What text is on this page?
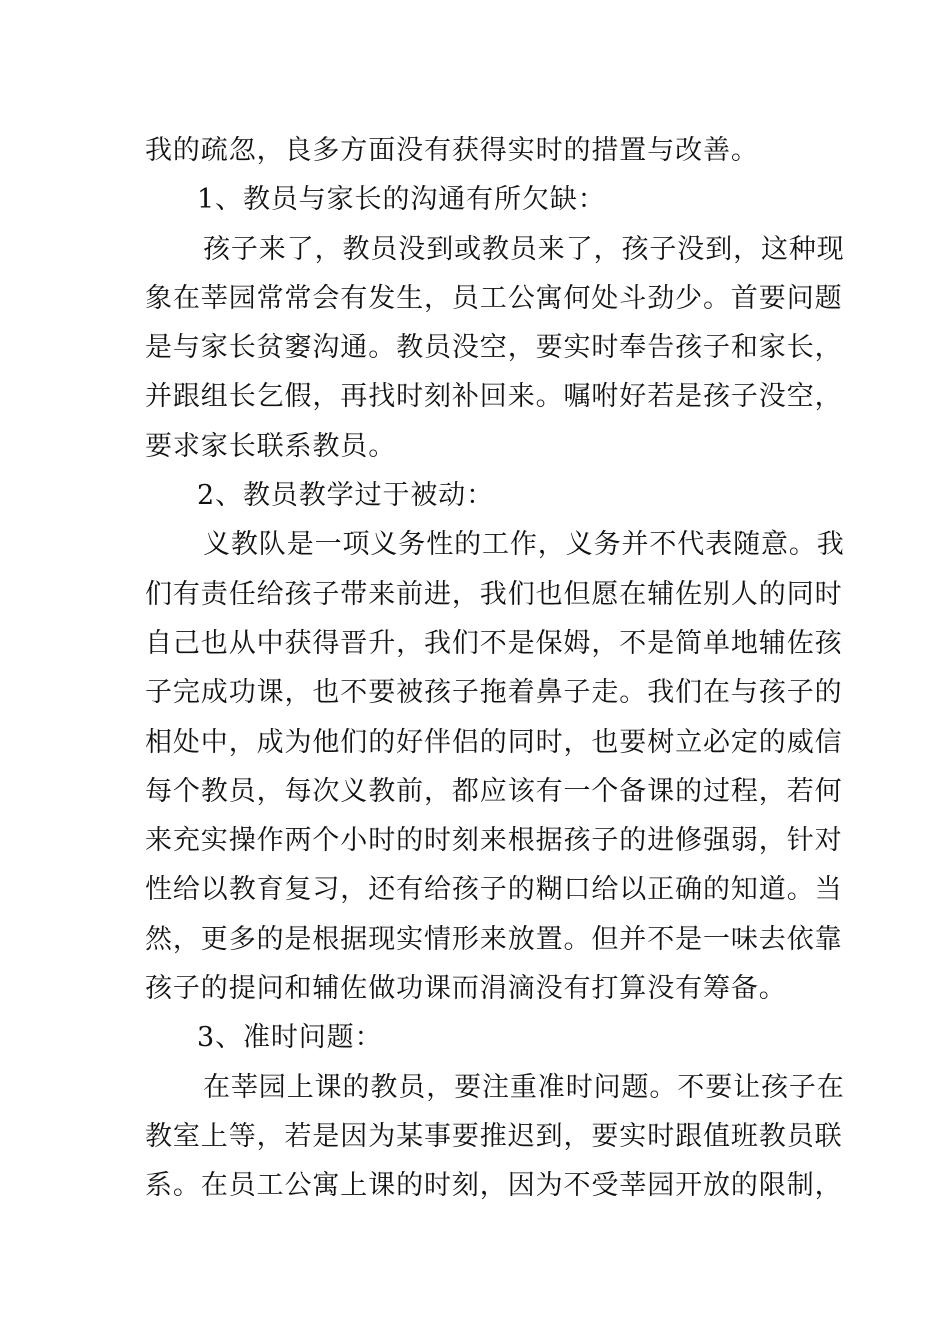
我的疏忽，良多方面没有获得实时的措置与改善。
1、教员与家长的沟通有所欠缺：
孩子来了，教员没到或教员来了，孩子没到，这种现
象在莘园常常会有发生，员工公寓何处斗劲少。首要问题
是与家长贫窭沟通。教员没空，要实时奉告孩子和家长，
并跟组长乞假，再找时刻补回来。嘱咐好若是孩子没空，
要求家长联系教员。
2、教员教学过于被动：
义教队是一项义务性的工作，义务并不代表随意。我
们有责任给孩子带来前进，我们也但愿在辅佐别人的同时
自己也从中获得晋升，我们不是保姆，不是简单地辅佐孩
子完成功课，也不要被孩子拖着鼻子走。我们在与孩子的
相处中，成为他们的好伴侣的同时，也要树立必定的威信
每个教员，每次义教前，都应该有一个备课的过程，若何
来充实操作两个小时的时刻来根据孩子的进修强弱，针对
性给以教育复习，还有给孩子的糊口给以正确的知道。当
然，更多的是根据现实情形来放置。但并不是一味去依靠
孩子的提问和辅佐做功课而涓滴没有打算没有筹备。
3、准时问题：
在莘园上课的教员，要注重准时问题。不要让孩子在
教室上等，若是因为某事要推迟到，要实时跟值班教员联
系。在员工公寓上课的时刻，因为不受莘园开放的限制，
